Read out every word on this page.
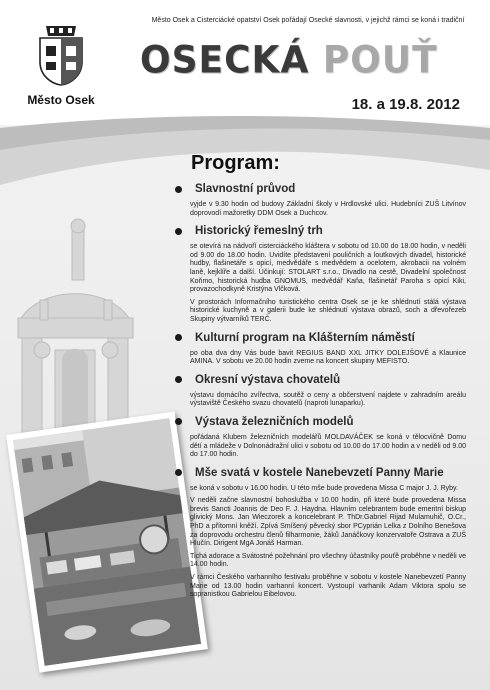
Město Osek
Město Osek a Cisterciácké opatství Osek pořádají Osecké slavnosti, v jejichž rámci se koná i tradiční
OSECKÁ POUŤ
18. a 19.8. 2012
Program:
Slavnostní průvod

vyjde v 9.30 hodin od budovy Základní školy v Hrdlovské ulici. Hudebníci ZUŠ Litvínov doprovodí mažoretky DDM Osek a Duchcov.

Historický řemeslný trh

se otevírá na nádvoří cisterciáckého kláštera v sobotu od 10.00 do 18.00 hodin, v neděli od 9.00 do 18.00 hodin. Uvidíte představení pouličních a loutkových divadel, historické hudby, flašinetáře s opicí, medvědáře s medvědem a ocelotem, akrobacii na volném laně, kejklíře a další. Účinkují: STOLART s.r.o., Divadlo na cestě, Divadelní společnost Koňmo, historická hudba GNOMUS, medvědář Kaňa, flašinetář Paroha s opicí Kiki, provazochodkyně Kristýna Vlčková.

V prostorách Informačního turistického centra Osek se je ke shlédnutí stálá výstava historické kuchyně a v galerii bude ke shlédnutí výstava obrazů, soch a dřevořezeb Skupiny výtvarníků TERČ.

Kulturní program na Klášterním náměstí

po oba dva dny Vás bude bavit REGIUS BAND XXL JITKY DOLEJŠOVÉ a Klaunice AMINA. V sobotu ve 20.00 hodin zveme na koncert skupiny MEFISTO.

Okresní výstava chovatelů

výstavu domácího zvířectva, soutěž o ceny a občerstvení najdete v zahradním areálu výstaviště Českého svazu chovatelů (naproti lunaparku).

Výstava železničních modelů

pořádaná Klubem železničních modelářů MOLDAVÁČEK se koná v tělocvičně Domu dětí a mládeže v Dolnonádražní ulici v sobotu od 10.00 do 17.00 hodin a v neděli od 9.00 do 17.00 hodin.

Mše svatá v kostele Nanebevzetí Panny Marie

se koná v sobotu v 16.00 hodin. U této mše bude provedena Missa C major J. J. Ryby.

V neděli začne slavnostní bohoslužba v 10.00 hodin, při které bude provedena Missa brevis Sancti Joannis de Deo F. J. Haydna. Hlavním celebrantem bude emeritní biskup glivický Mons. Jan Wieczorek a koncelebrant P. ThDr.Gabriel Rijad Mulamuhič, O.Cr., PhD a přítomní kněží. Zpívá Smíšený pěvecký sbor PCyprián Lelka z Dolního Benešova za doprovodu orchestru členů filharmonie, žáků Janáčkovy konzervatoře Ostrava a ZUŠ Hlučín. Dirigent MgA Jonáš Harman.

Tichá adorace a Svátostné požehnání pro všechny účastníky pouťě proběhne v neděli ve 14.00 hodin.

V rámci Českého varhanního festivalu proběhne v sobotu v kostele Nanebevzetí Panny Marie od 13.00 hodin varhanní koncert. Vystoupí varhaník Adam Viktora spolu se sopranistkou Gabrielou Eibelovou.
